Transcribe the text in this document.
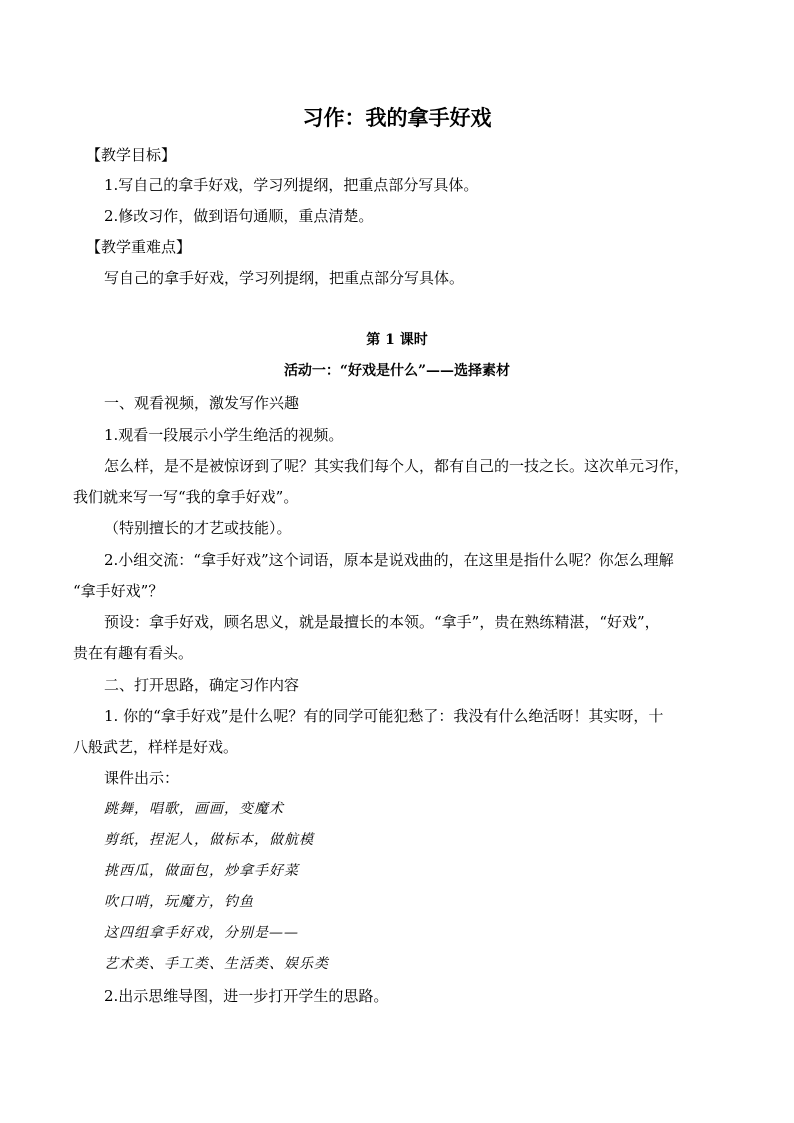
习作：我的拿手好戏
【教学目标】
1.写自己的拿手好戏，学习列提纲，把重点部分写具体。
2.修改习作，做到语句通顺，重点清楚。
【教学重难点】
写自己的拿手好戏，学习列提纲，把重点部分写具体。
第 1 课时
活动一：“好戏是什么”——选择素材
一、观看视频，激发写作兴趣
1.观看一段展示小学生绝活的视频。
怎么样，是不是被惊讶到了呢？其实我们每个人，都有自己的一技之长。这次单元习作，
我们就来写一写“我的拿手好戏”。
（特别擅长的才艺或技能）。
2.小组交流：“拿手好戏”这个词语，原本是说戏曲的，在这里是指什么呢？你怎么理解
“拿手好戏”？
预设：拿手好戏，顾名思义，就是最擅长的本领。“拿手”，贵在熟练精湛，“好戏”，
贵在有趣有看头。
二、打开思路，确定习作内容
1. 你的“拿手好戏”是什么呢？有的同学可能犯愁了：我没有什么绝活呀！其实呀，十
八般武艺，样样是好戏。
课件出示：
跳舞，唱歌，画画，变魔术
剪纸，捏泥人，做标本，做航模
挑西瓜，做面包，炒拿手好菜
吹口哨，玩魔方，钓鱼
这四组拿手好戏，分别是——
艺术类、手工类、生活类、娱乐类
2.出示思维导图，进一步打开学生的思路。
